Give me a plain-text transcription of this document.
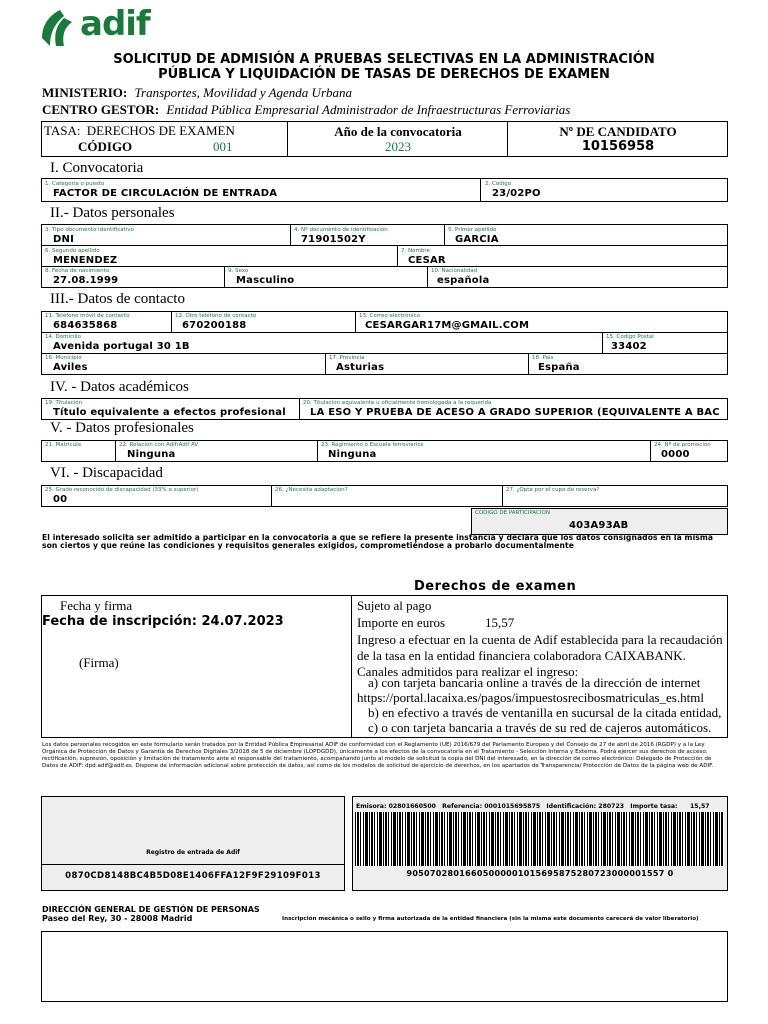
adif
SOLICITUD DE ADMISIÓN A PRUEBAS SELECTIVAS EN LA ADMINISTRACIÓN
PÚBLICA Y LIQUIDACIÓN DE TASAS DE DERECHOS DE EXAMEN
MINISTERIO: Transportes, Movilidad y Agenda Urbana
CENTRO GESTOR: Entidad Pública Empresarial Administrador de Infraestructuras Ferroviarias
TASA: DERECHOS DE EXAMEN
CÓDIGO	001
Año de la convocatoria
2023
Nº DE CANDIDATO
10156958
I. Convocatoria
1. Categoría o puesto
FACTOR DE CIRCULACIÓN DE ENTRADA
2. Código
23/02PO
II.- Datos personales
3. Tipo documento identificativo
DNI
4. Nº documento de identificación
71901502Y
5. Primer apellido
GARCIA
6. Segundo apellido
MENENDEZ
7. Nombre
CESAR
8. Fecha de nacimiento
27.08.1999
9. Sexo
Masculino
10. Nacionalidad
española
III.- Datos de contacto
11. Teléfono móvil de contacto
684635868
12. Otro teléfono de contacto
670200188
13. Correo electrónico
CESARGAR17M@GMAIL.COM
14. Domicilio
Avenida portugal 30 1B
15. Código Postal
33402
16. Municipio
Aviles
17. Provincia
Asturias
18. País
España
IV. - Datos académicos
19. Titulación
Título equivalente a efectos profesional
20. Titulación equivalente u oficialmente homologada a la requerida
LA ESO Y PRUEBA DE ACESO A GRADO SUPERIOR (EQUIVALENTE A BAC
V. - Datos profesionales
21. Matrícula	22. Relación con Adif/Adif AV
Ninguna
23. Regimiento o Escuela ferroviarios
Ninguna
24. Nº de promoción
0000
VI. - Discapacidad
25. Grado reconocido de discapacidad (33% o superior)
00
26. ¿Necesita adaptación?	27. ¿Opta por el cupo de reserva?
CODIGO DE PARTICIPACION
403A93AB
El interesado solicita ser admitido a participar en la convocatoria a que se refiere la presente instancia y declara que los datos consignados en la misma son ciertos y que reúne las condiciones y requisitos generales exigidos, comprometiéndose a probarlo documentalmente
Derechos de examen
Fecha y firma
Fecha de inscripción: 24.07.2023
(Firma)
Sujeto al pago
Importe en euros	15,57
Ingreso a efectuar en la cuenta de Adif establecida para la recaudación de la tasa en la entidad financiera colaboradora CAIXABANK. Canales admitidos para realizar el ingreso:
a) con tarjeta bancaria online a través de la dirección de internet
https://portal.lacaixa.es/pagos/impuestosrecibosmatriculas_es.html
b) en efectivo a través de ventanilla en sucursal de la citada entidad,
c) o con tarjeta bancaria a través de su red de cajeros automáticos.
Los datos personales recogidos en este formulario serán tratados por la Entidad Pública Empresarial ADIF de conformidad con el Reglamento (UE) 2016/679 del Parlamento Europeo y del Consejo de 27 de abril de 2016 (RGDP) y a la Ley Orgánica de Protección de Datos y Garantía de Derechos Digitales 3/2018 de 5 de diciembre (LOPDGDD), únicamente a los efectos de la convocatoria en el Tratamiento - Selección Interna y Externa. Podrá ejercer sus derechos de acceso, rectificación, supresión, oposición y limitación de tratamiento ante el responsable del tratamiento, acompañando junto al modelo de solicitud la copia del DNI del interesado, en la dirección de correo electrónico: Delegado de Protección de Datos de ADIF: dpd.adif@adif.es. Dispone de información adicional sobre protección de datos, así como de los modelos de solicitud de ejercicio de derechos, en los apartados de Transparencia/ Protección de Datos de la página web de ADIF.
Registro de entrada de Adif
0870CD8148BC4B5D08E1406FFA12F9F29109F013
Emisora: 02801660500 Referencia: 0001015695875 Identificación: 280723 Importe tasa:	15,57
90507028016605000001015695875280723000001557 0
DIRECCIÓN GENERAL DE GESTIÓN DE PERSONAS
Paseo del Rey, 30 - 28008 Madrid	Inscripción mecánica o sello y firma autorizada de la entidad financiera (sin la misma este documento carecerá de valor liberatorio)
